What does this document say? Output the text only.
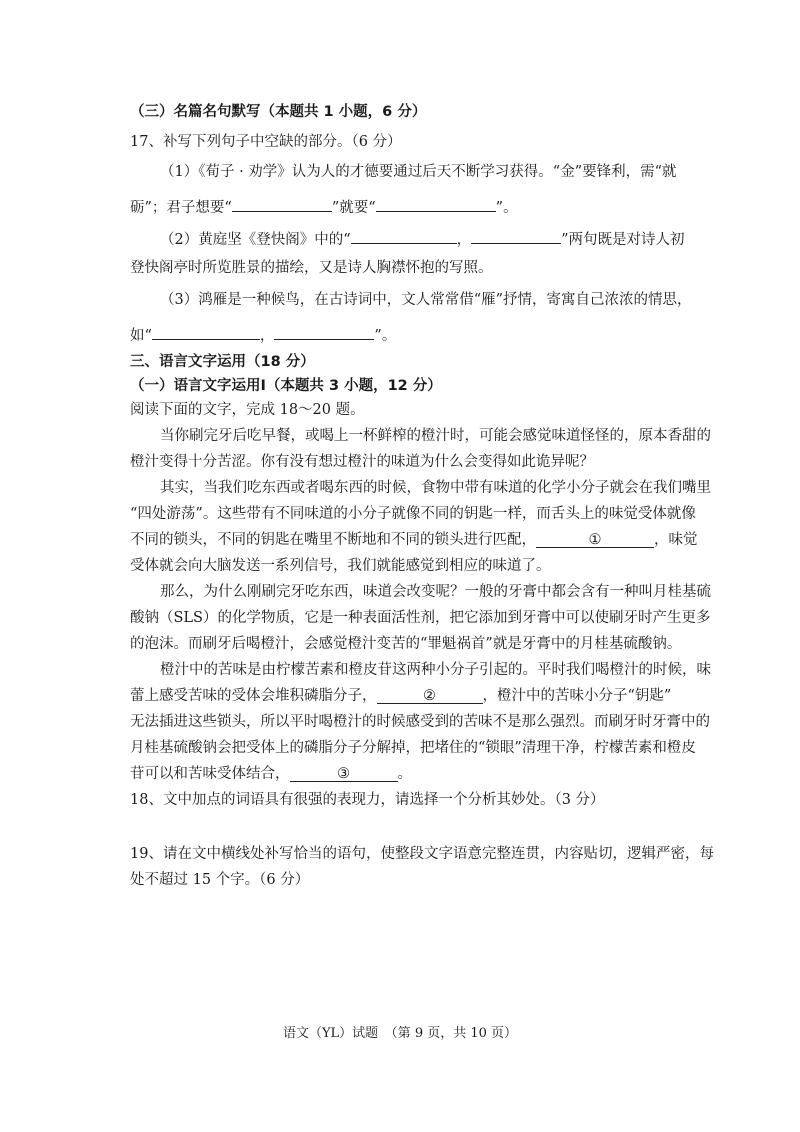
（三）名篇名句默写（本题共 1 小题，6 分）
17、补写下列句子中空缺的部分。（6 分）
（1）《荀子 · 劝学》认为人的才德要通过后天不断学习获得。“金”要锋利，需“就
砺”；君子想要“	”就要“	”。
（2）黄庭坚《登快阁》中的“	，	”两句既是对诗人初
登快阁亭时所览胜景的描绘，又是诗人胸襟怀抱的写照。
（3）鸿雁是一种候鸟，在古诗词中，文人常常借“雁”抒情，寄寓自己浓浓的情思，
如“	，	”。
三、语言文字运用（18 分）
（一）语言文字运用Ⅰ（本题共 3 小题，12 分）
阅读下面的文字，完成 18～20 题。
当你刷完牙后吃早餐，或喝上一杯鲜榨的橙汁时，可能会感觉味道怪怪的，原本香甜的
橙汁变得十分苦涩。你有没有想过橙汁的味道为什么会变得如此诡异呢？
其实，当我们吃东西或者喝东西的时候，食物中带有味道的化学小分子就会在我们嘴里
“四处游荡”。这些带有不同味道的小分子就像不同的钥匙一样，而舌头上的味觉受体就像
不同的锁头，不同的钥匙在嘴里不断地和不同的锁头进行匹配，	①	，味觉
受体就会向大脑发送一系列信号，我们就能感觉到相应的味道了。
那么，为什么刚刷完牙吃东西，味道会改变呢？一般的牙膏中都会含有一种叫月桂基硫
酸钠（SLS）的化学物质，它是一种表面活性剂，把它添加到牙膏中可以使刷牙时产生更多
的泡沫。而刷牙后喝橙汁，会感觉橙汁变苦的“罪魁祸首”就是牙膏中的月桂基硫酸钠。
橙汁中的苦味是由柠檬苦素和橙皮苷这两种小分子引起的。平时我们喝橙汁的时候，味
蕾上感受苦味的受体会堆积磷脂分子，	②	，橙汁中的苦味小分子“钥匙”
无法插进这些锁头，所以平时喝橙汁的时候感受到的苦味不是那么强烈。而刷牙时牙膏中的
月桂基硫酸钠会把受体上的磷脂分子分解掉，把堵住的“锁眼”清理干净，柠檬苦素和橙皮
苷可以和苦味受体结合，	③	。
18、文中加点的词语具有很强的表现力，请选择一个分析其妙处。（3 分）
19、请在文中横线处补写恰当的语句，使整段文字语意完整连贯，内容贴切，逻辑严密，每
处不超过 15 个字。（6 分）
语文（YL）试题　（第 9 页，共 10 页）
